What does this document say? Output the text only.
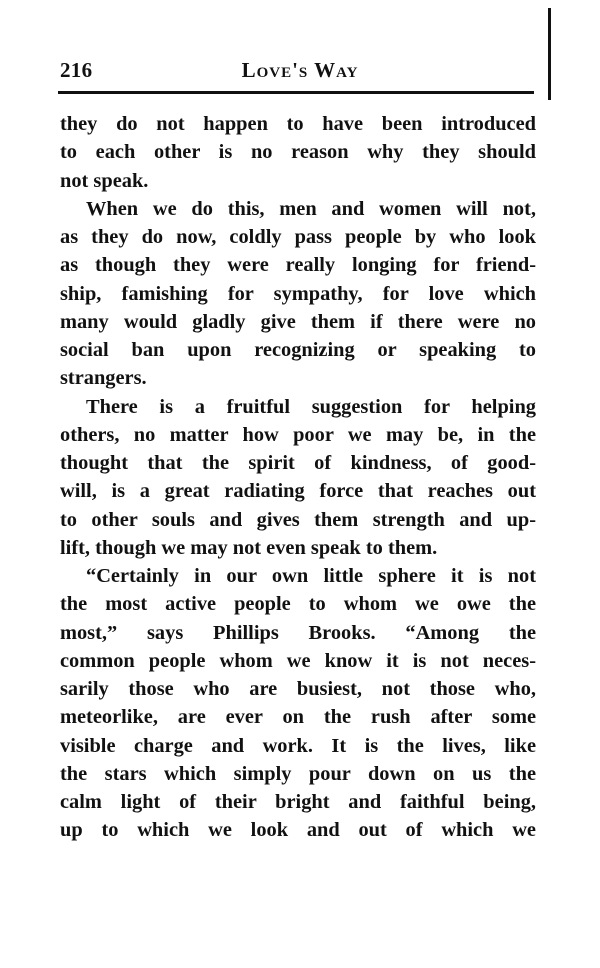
216	Love's Way
they do not happen to have been introduced
to each other is no reason why they should
not speak.
When we do this, men and women will not,
as they do now, coldly pass people by who look
as though they were really longing for friend-
ship, famishing for sympathy, for love which
many would gladly give them if there were no
social ban upon recognizing or speaking to
strangers.
There is a fruitful suggestion for helping
others, no matter how poor we may be, in the
thought that the spirit of kindness, of good-
will, is a great radiating force that reaches out
to other souls and gives them strength and up-
lift, though we may not even speak to them.
“Certainly in our own little sphere it is not
the most active people to whom we owe the
most,” says Phillips Brooks. “Among the
common people whom we know it is not neces-
sarily those who are busiest, not those who,
meteorlike, are ever on the rush after some
visible charge and work. It is the lives, like
the stars which simply pour down on us the
calm light of their bright and faithful being,
up to which we look and out of which we
